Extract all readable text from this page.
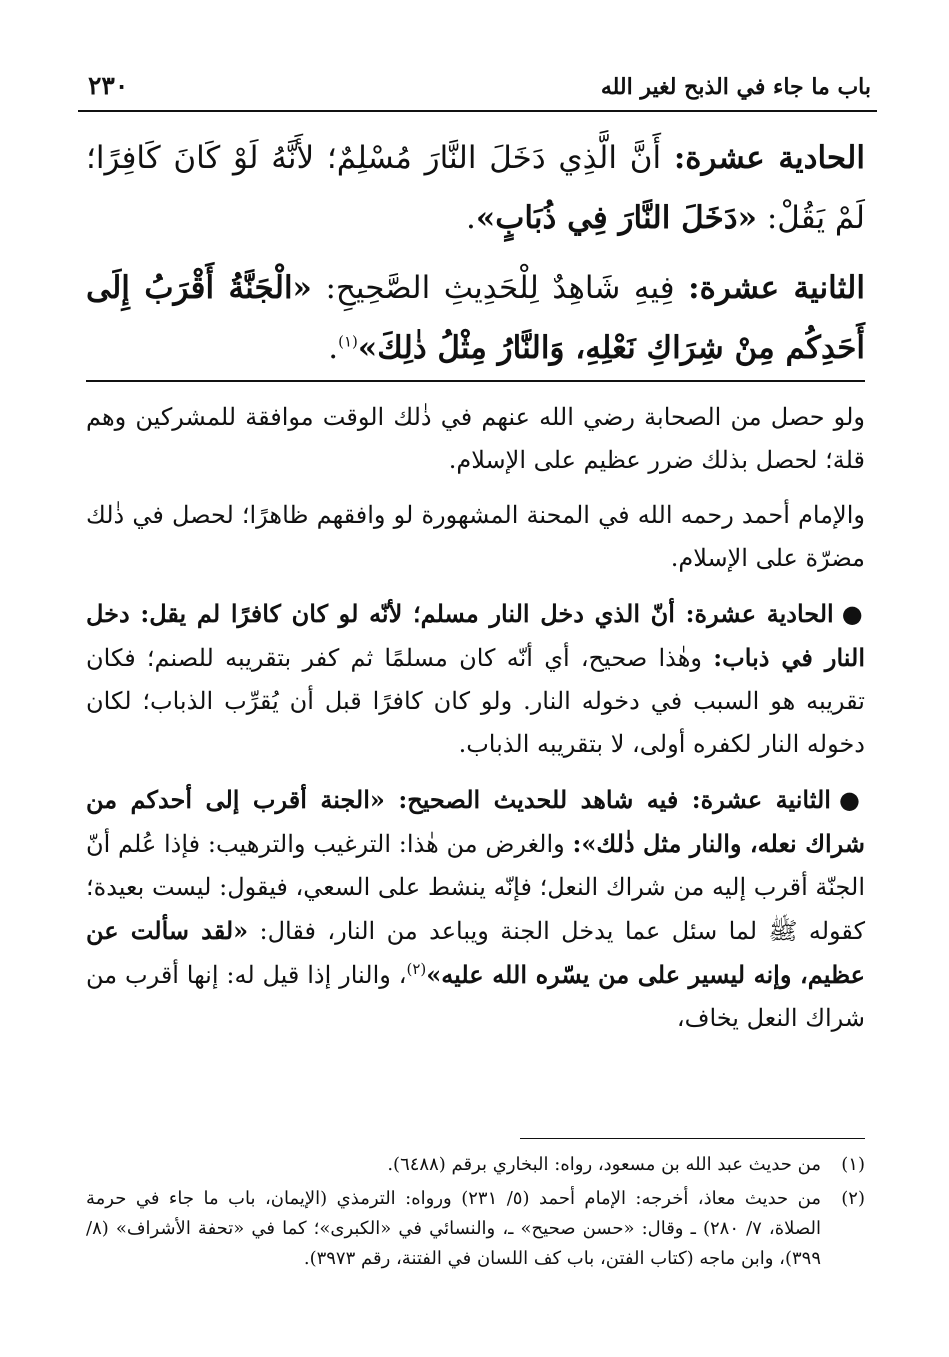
باب ما جاء في الذبح لغير الله
٢٣٠

الحادية عشرة: أَنَّ الَّذِي دَخَلَ النَّارَ مُسْلِمٌ؛ لأَنَّهُ لَوْ كَانَ كَافِرًا؛ لَمْ يَقُلْ: «دَخَلَ النَّارَ فِي ذُبَابٍ».

الثانية عشرة: فِيهِ شَاهِدٌ لِلْحَدِيثِ الصَّحِيحِ: «الْجَنَّةُ أَقْرَبُ إِلَى أَحَدِكُم مِنْ شِرَاكِ نَعْلِهِ، وَالنَّارُ مِثْلُ ذٰلِكَ»$^{(١)}$.

ولو حصل من الصحابة رضي الله عنهم في ذٰلك الوقت موافقة للمشركين وهم قلة؛ لحصل بذلك ضرر عظيم على الإسلام.

والإمام أحمد رحمه الله في المحنة المشهورة لو وافقهم ظاهرًا؛ لحصل في ذٰلك مضرّة على الإسلام.

●الحادية عشرة: أنّ الذي دخل النار مسلم؛ لأنّه لو كان كافرًا لم يقل: دخل النار في ذباب: وهٰذا صحيح، أي أنّه كان مسلمًا ثم كفر بتقريبه للصنم؛ فكان تقريبه هو السبب في دخوله النار. ولو كان كافرًا قبل أن يُقرِّب الذباب؛ لكان دخوله النار لكفره أولى، لا بتقريبه الذباب.

●الثانية عشرة: فيه شاهد للحديث الصحيح: «الجنة أقرب إلى أحدكم من شراك نعله، والنار مثل ذٰلك»: والغرض من هٰذا: الترغيب والترهيب: فإذا عُلم أنّ الجنّة أقرب إليه من شراك النعل؛ فإنّه ينشط على السعي، فيقول: ليست بعيدة؛ كقوله ﷺ لما سئل عما يدخل الجنة ويباعد من النار، فقال: «لقد سألت عن عظيم، وإنه ليسير على من يسّره الله عليه»$^{(٢)}$، والنار إذا قيل له: إنها أقرب من شراك النعل يخاف،

(١)
من حديث عبد الله بن مسعود، رواه: البخاري برقم (٦٤٨٨).
(٢)
من حديث معاذ، أخرجه: الإمام أحمد (٥/ ٢٣١) ورواه: الترمذي (الإيمان، باب ما جاء في حرمة الصلاة، ٧/ ٢٨٠) ـ وقال: «حسن صحيح» ـ، والنسائي في «الكبرى»؛ كما في «تحفة الأشراف» (٨/ ٣٩٩)، وابن ماجه (كتاب الفتن، باب كف اللسان في الفتنة، رقم ٣٩٧٣).
